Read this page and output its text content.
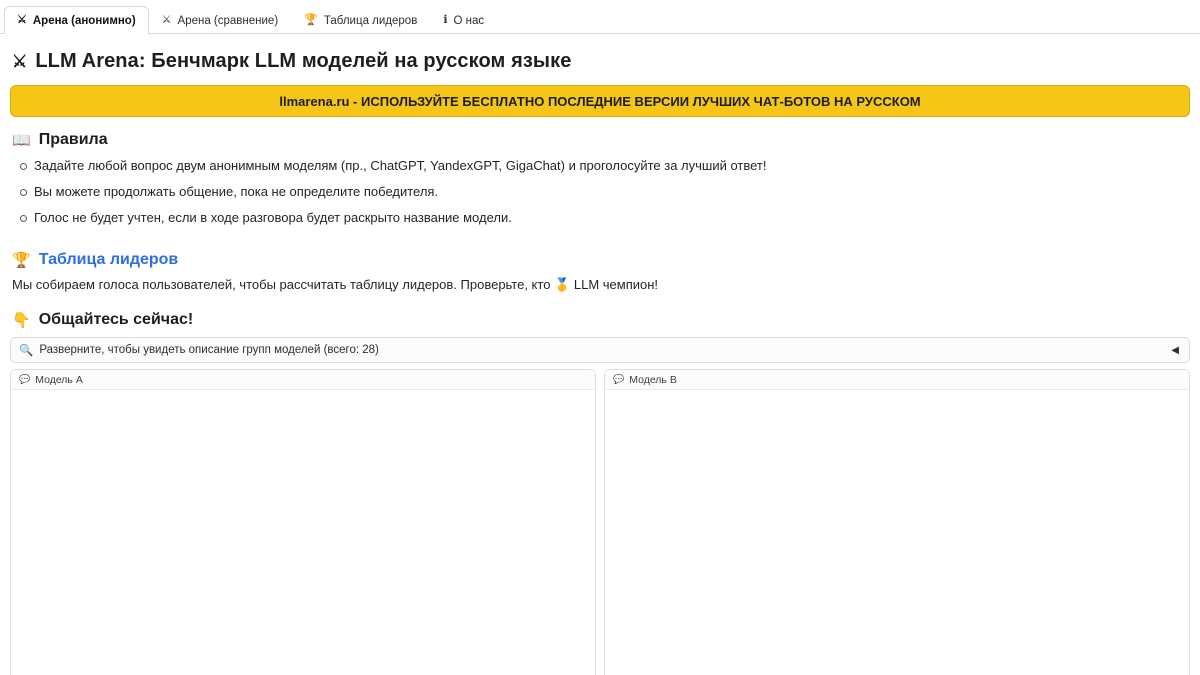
⚔ Арена (анонимно) ⚔ Арена (сравнение) 🏆 Таблица лидеров ℹ О нас
⚔ LLM Arena: Бенчмарк LLM моделей на русском языке
llmarena.ru - ИСПОЛЬЗУЙТЕ БЕСПЛАТНО ПОСЛЕДНИЕ ВЕРСИИ ЛУЧШИХ ЧАТ-БОТОВ НА РУССКОМ
📖 Правила
Задайте любой вопрос двум анонимным моделям (пр., ChatGPT, YandexGPT, GigaChat) и проголосуйте за лучший ответ!
Вы можете продолжать общение, пока не определите победителя.
Голос не будет учтен, если в ходе разговора будет раскрыто название модели.
🏆 Таблица лидеров
Мы собираем голоса пользователей, чтобы рассчитать таблицу лидеров. Проверьте, кто 🥇 LLM чемпион!
👇 Общайтесь сейчас!
🔍 Разверните, чтобы увидеть описание групп моделей (всего: 28)	◀
💬 Модель A	💬 Модель B
